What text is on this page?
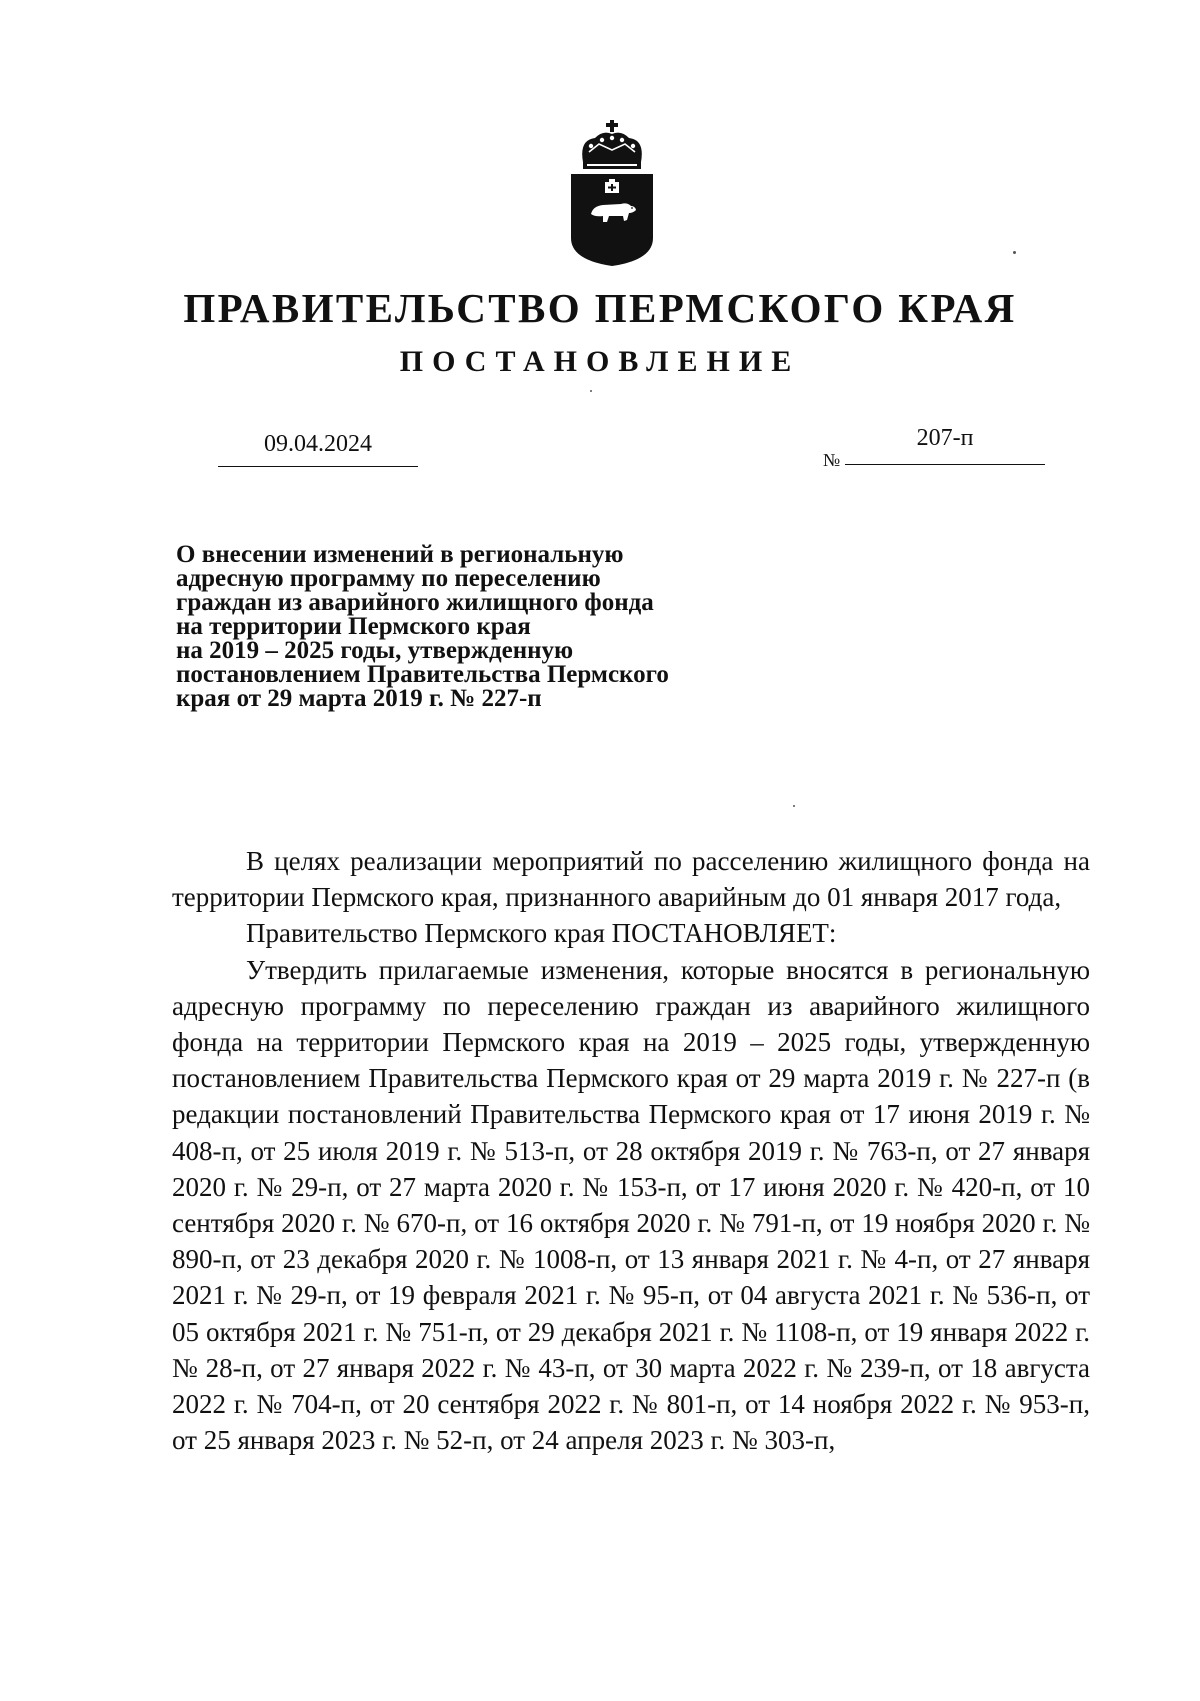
ПРАВИТЕЛЬСТВО ПЕРМСКОГО КРАЯ
ПОСТАНОВЛЕНИЕ
09.04.2024
№
207-п
О внесении изменений в региональную
адресную программу по переселению
граждан из аварийного жилищного фонда
на территории Пермского края
на 2019 – 2025 годы, утвержденную
постановлением Правительства Пермского
края от 29 марта 2019 г. № 227-п

В целях реализации мероприятий по расселению жилищного фонда на территории Пермского края, признанного аварийным до 01 января 2017 года,

Правительство Пермского края ПОСТАНОВЛЯЕТ:

Утвердить прилагаемые изменения, которые вносятся в региональную адресную программу по переселению граждан из аварийного жилищного фонда на территории Пермского края на 2019 – 2025 годы, утвержденную постановлением Правительства Пермского края от 29 марта 2019 г. № 227-п (в редакции постановлений Правительства Пермского края от 17 июня 2019 г. № 408-п, от 25 июля 2019 г. № 513-п, от 28 октября 2019 г. № 763-п, от 27 января 2020 г. № 29-п, от 27 марта 2020 г. № 153-п, от 17 июня 2020 г. № 420-п, от 10 сентября 2020 г. № 670-п, от 16 октября 2020 г. № 791-п, от 19 ноября 2020 г. № 890-п, от 23 декабря 2020 г. № 1008-п, от 13 января 2021 г. № 4-п, от 27 января 2021 г. № 29-п, от 19 февраля 2021 г. № 95-п, от 04 августа 2021 г. № 536-п, от 05 октября 2021 г. № 751-п, от 29 декабря 2021 г. № 1108-п, от 19 января 2022 г. № 28-п, от 27 января 2022 г. № 43-п, от 30 марта 2022 г. № 239-п, от 18 августа 2022 г. № 704-п, от 20 сентября 2022 г. № 801-п, от 14 ноября 2022 г. № 953-п, от 25 января 2023 г. № 52-п, от 24 апреля 2023 г. № 303-п,
